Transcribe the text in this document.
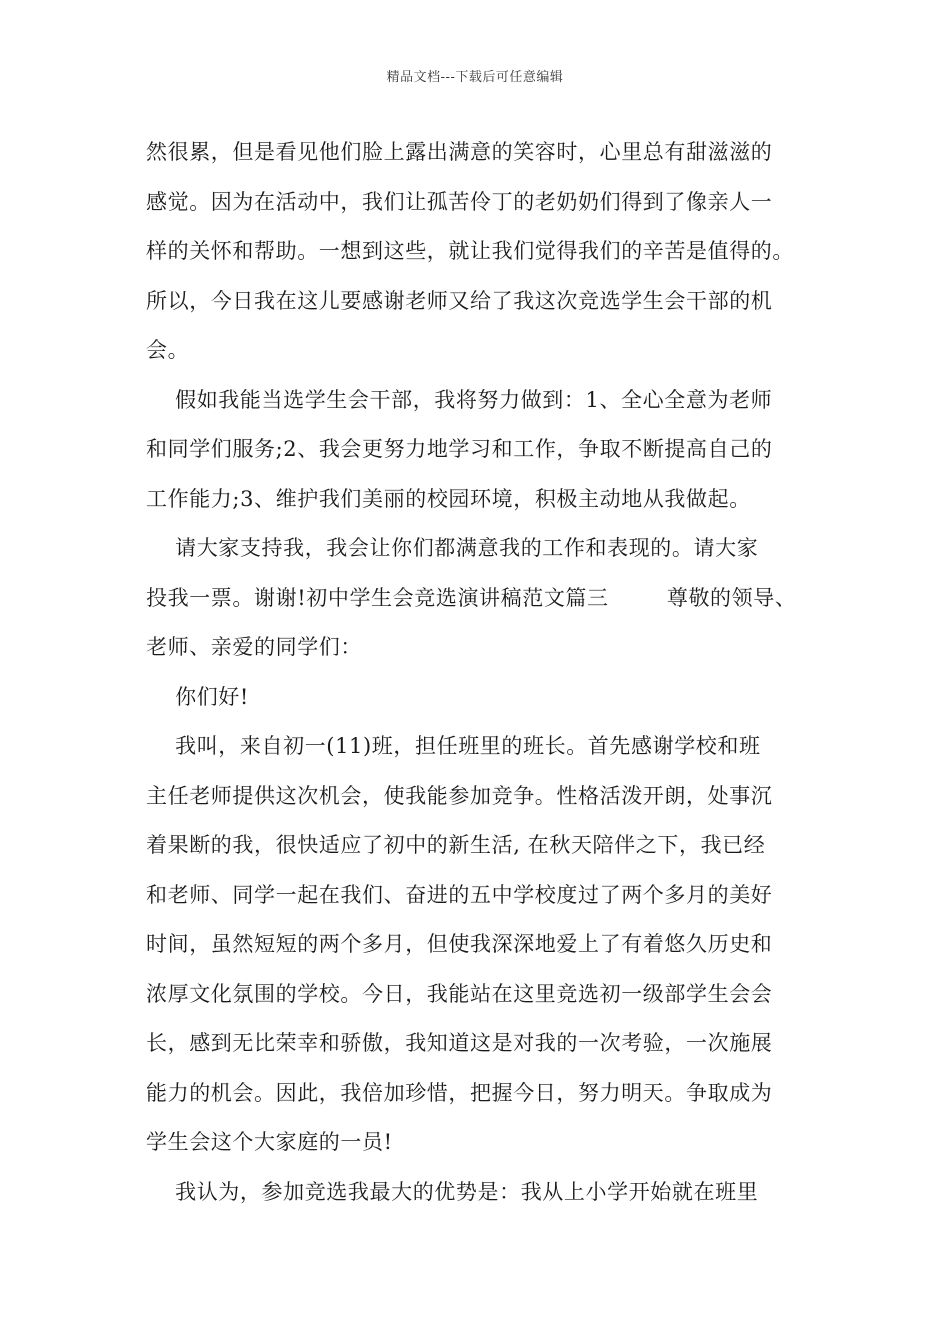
精品文档---下载后可任意编辑
然很累，但是看见他们脸上露出满意的笑容时，心里总有甜滋滋的
感觉。因为在活动中，我们让孤苦伶丁的老奶奶们得到了像亲人一
样的关怀和帮助。一想到这些，就让我们觉得我们的辛苦是值得的。
所以，今日我在这儿要感谢老师又给了我这次竞选学生会干部的机
会。
假如我能当选学生会干部，我将努力做到：1、全心全意为老师
和同学们服务;2、我会更努力地学习和工作，争取不断提高自己的
工作能力;3、维护我们美丽的校园环境，积极主动地从我做起。
请大家支持我，我会让你们都满意我的工作和表现的。请大家
投我一票。谢谢!初中学生会竞选演讲稿范文篇三        尊敬的领导、
老师、亲爱的同学们：
你们好!
我叫，来自初一(11)班，担任班里的班长。首先感谢学校和班
主任老师提供这次机会，使我能参加竞争。性格活泼开朗，处事沉
着果断的我，很快适应了初中的新生活, 在秋天陪伴之下，我已经
和老师、同学一起在我们、奋进的五中学校度过了两个多月的美好
时间，虽然短短的两个多月，但使我深深地爱上了有着悠久历史和
浓厚文化氛围的学校。今日，我能站在这里竞选初一级部学生会会
长，感到无比荣幸和骄傲，我知道这是对我的一次考验，一次施展
能力的机会。因此，我倍加珍惜，把握今日，努力明天。争取成为
学生会这个大家庭的一员!
我认为，参加竞选我最大的优势是：我从上小学开始就在班里
